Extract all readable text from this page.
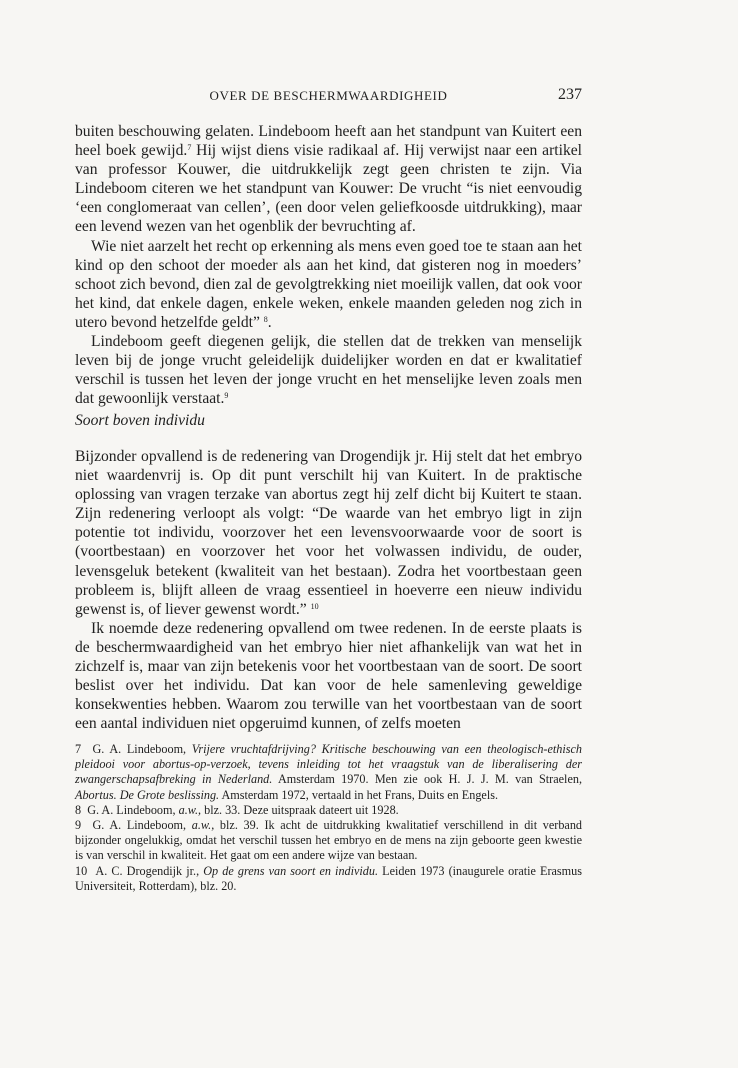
OVER DE BESCHERMWAARDIGHEID	237

buiten beschouwing gelaten. Lindeboom heeft aan het standpunt van Kuitert een heel boek gewijd.$^7$ Hij wijst diens visie radikaal af. Hij verwijst naar een artikel van professor Kouwer, die uitdrukkelijk zegt geen christen te zijn. Via Lindeboom citeren we het standpunt van Kouwer: De vrucht “is niet eenvoudig ‘een conglomeraat van cellen’, (een door velen geliefkoosde uitdrukking), maar een levend wezen van het ogenblik der bevruchting af.

Wie niet aarzelt het recht op erkenning als mens even goed toe te staan aan het kind op den schoot der moeder als aan het kind, dat gisteren nog in moeders’ schoot zich bevond, dien zal de gevolgtrekking niet moeilijk vallen, dat ook voor het kind, dat enkele dagen, enkele weken, enkele maanden geleden nog zich in utero bevond hetzelfde geldt” $^8$.

Lindeboom geeft diegenen gelijk, die stellen dat de trekken van menselijk leven bij de jonge vrucht geleidelijk duidelijker worden en dat er kwalitatief verschil is tussen het leven der jonge vrucht en het menselijke leven zoals men dat gewoonlijk verstaat.$^9$

Soort boven individu

Bijzonder opvallend is de redenering van Drogendijk jr. Hij stelt dat het embryo niet waardenvrij is. Op dit punt verschilt hij van Kuitert. In de praktische oplossing van vragen terzake van abortus zegt hij zelf dicht bij Kuitert te staan. Zijn redenering verloopt als volgt: “De waarde van het embryo ligt in zijn potentie tot individu, voorzover het een levensvoorwaarde voor de soort is (voortbestaan) en voorzover het voor het volwassen individu, de ouder, levensgeluk betekent (kwaliteit van het bestaan). Zodra het voortbestaan geen probleem is, blijft alleen de vraag essentieel in hoeverre een nieuw individu gewenst is, of liever gewenst wordt.” $^{10}$

Ik noemde deze redenering opvallend om twee redenen. In de eerste plaats is de beschermwaardigheid van het embryo hier niet afhankelijk van wat het in zichzelf is, maar van zijn betekenis voor het voortbestaan van de soort. De soort beslist over het individu. Dat kan voor de hele samenleving geweldige konsekwenties hebben. Waarom zou terwille van het voortbestaan van de soort een aantal individuen niet opgeruimd kunnen, of zelfs moeten

7 G. A. Lindeboom, Vrijere vruchtafdrijving? Kritische beschouwing van een theologisch-ethisch pleidooi voor abortus-op-verzoek, tevens inleiding tot het vraagstuk van de liberalisering der zwangerschapsafbreking in Nederland. Amsterdam 1970. Men zie ook H. J. J. M. van Straelen, Abortus. De Grote beslissing. Amsterdam 1972, vertaald in het Frans, Duits en Engels.

8 G. A. Lindeboom, a.w., blz. 33. Deze uitspraak dateert uit 1928.

9 G. A. Lindeboom, a.w., blz. 39. Ik acht de uitdrukking kwalitatief verschillend in dit verband bijzonder ongelukkig, omdat het verschil tussen het embryo en de mens na zijn geboorte geen kwestie is van verschil in kwaliteit. Het gaat om een andere wijze van bestaan.

10 A. C. Drogendijk jr., Op de grens van soort en individu. Leiden 1973 (inaugurele oratie Erasmus Universiteit, Rotterdam), blz. 20.
